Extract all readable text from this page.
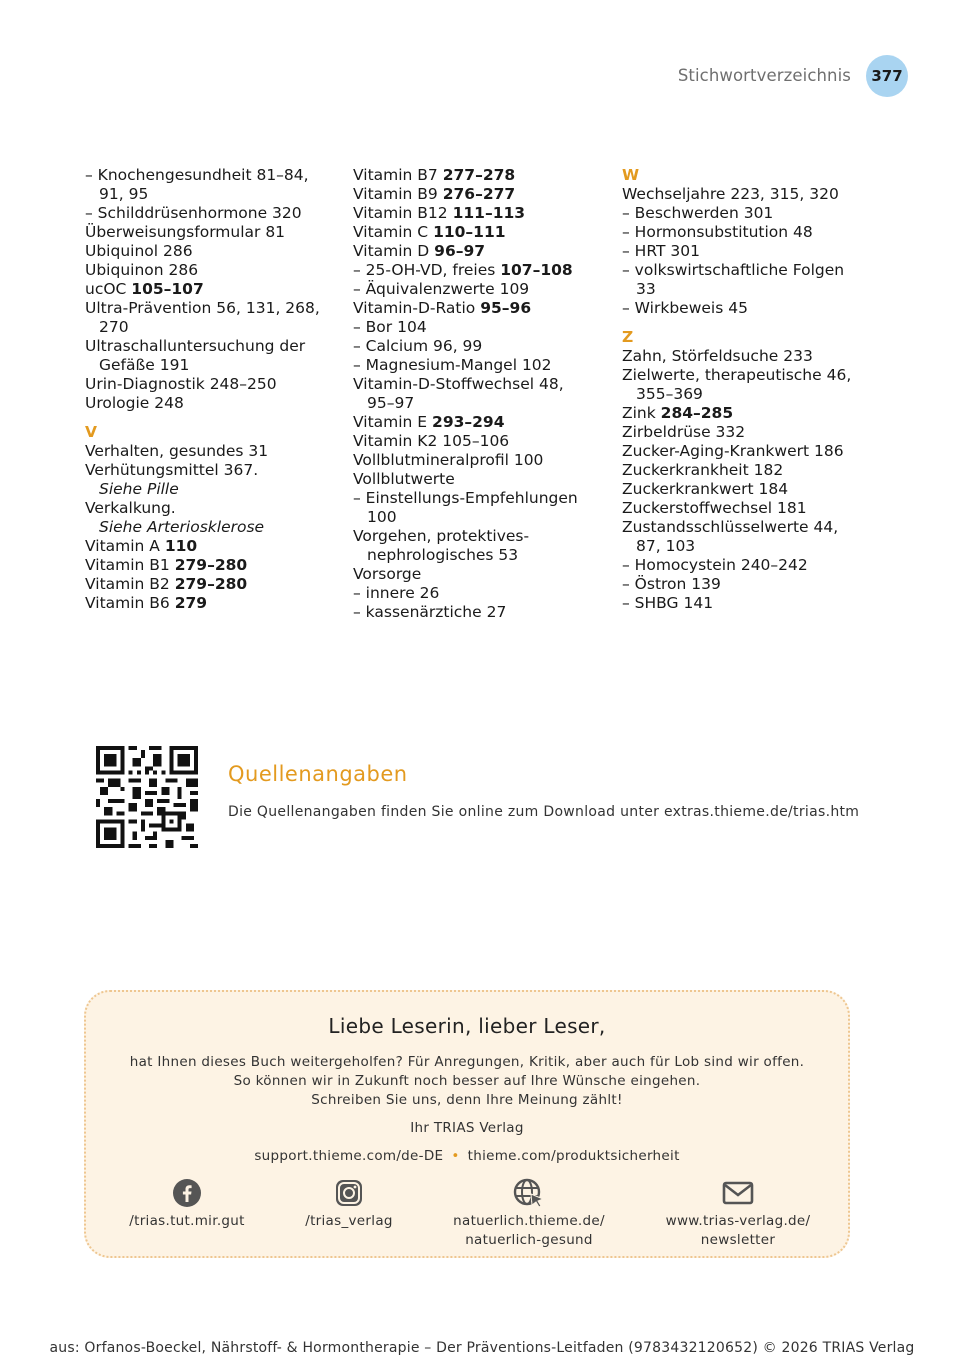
Stichwortverzeichnis	377
– Knochengesundheit 81–84,
91, 95
– Schilddrüsenhormone 320
Überweisungsformular 81
Ubiquinol 286
Ubiquinon 286
ucOC 105–107
Ultra-Prävention 56, 131, 268,
270
Ultraschalluntersuchung der
Gefäße 191
Urin-Diagnostik 248–250
Urologie 248
V
Verhalten, gesundes 31
Verhütungsmittel 367.
Siehe Pille
Verkalkung.
Siehe Arteriosklerose
Vitamin A 110
Vitamin B1 279–280
Vitamin B2 279–280
Vitamin B6 279
Vitamin B7 277–278
Vitamin B9 276–277
Vitamin B12 111–113
Vitamin C 110–111
Vitamin D 96–97
– 25-OH-VD, freies 107–108
– Äquivalenzwerte 109
Vitamin-D-Ratio 95–96
– Bor 104
– Calcium 96, 99
– Magnesium-Mangel 102
Vitamin-D-Stoffwechsel 48,
95–97
Vitamin E 293–294
Vitamin K2 105–106
Vollblutmineralprofil 100
Vollblutwerte
– Einstellungs-Empfehlungen
100
Vorgehen, protektives-
nephrologisches 53
Vorsorge
– innere 26
– kassenärztiche 27
W
Wechseljahre 223, 315, 320
– Beschwerden 301
– Hormonsubstitution 48
– HRT 301
– volkswirtschaftliche Folgen
33
– Wirkbeweis 45
Z
Zahn, Störfeldsuche 233
Zielwerte, therapeutische 46,
355–369
Zink 284–285
Zirbeldrüse 332
Zucker-Aging-Krankwert 186
Zuckerkrankheit 182
Zuckerkrankwert 184
Zuckerstoffwechsel 181
Zustandsschlüsselwerte 44,
87, 103
– Homocystein 240–242
– Östron 139
– SHBG 141
Quellenangaben
Die Quellenangaben finden Sie online zum Download unter extras.thieme.de/trias.htm
Liebe Leserin, lieber Leser,
hat Ihnen dieses Buch weitergeholfen? Für Anregungen, Kritik, aber auch für Lob sind wir offen.
So können wir in Zukunft noch besser auf Ihre Wünsche eingehen.
Schreiben Sie uns, denn Ihre Meinung zählt!
Ihr TRIAS Verlag
support.thieme.com/de-DE • thieme.com/produktsicherheit
/trias.tut.mir.gut	/trias_verlag	natuerlich.thieme.de/
natuerlich-gesund
www.trias-verlag.de/
newsletter
aus: Orfanos-Boeckel, Nährstoff- & Hormontherapie – Der Präventions-Leitfaden (9783432120652) © 2026 TRIAS Verlag
